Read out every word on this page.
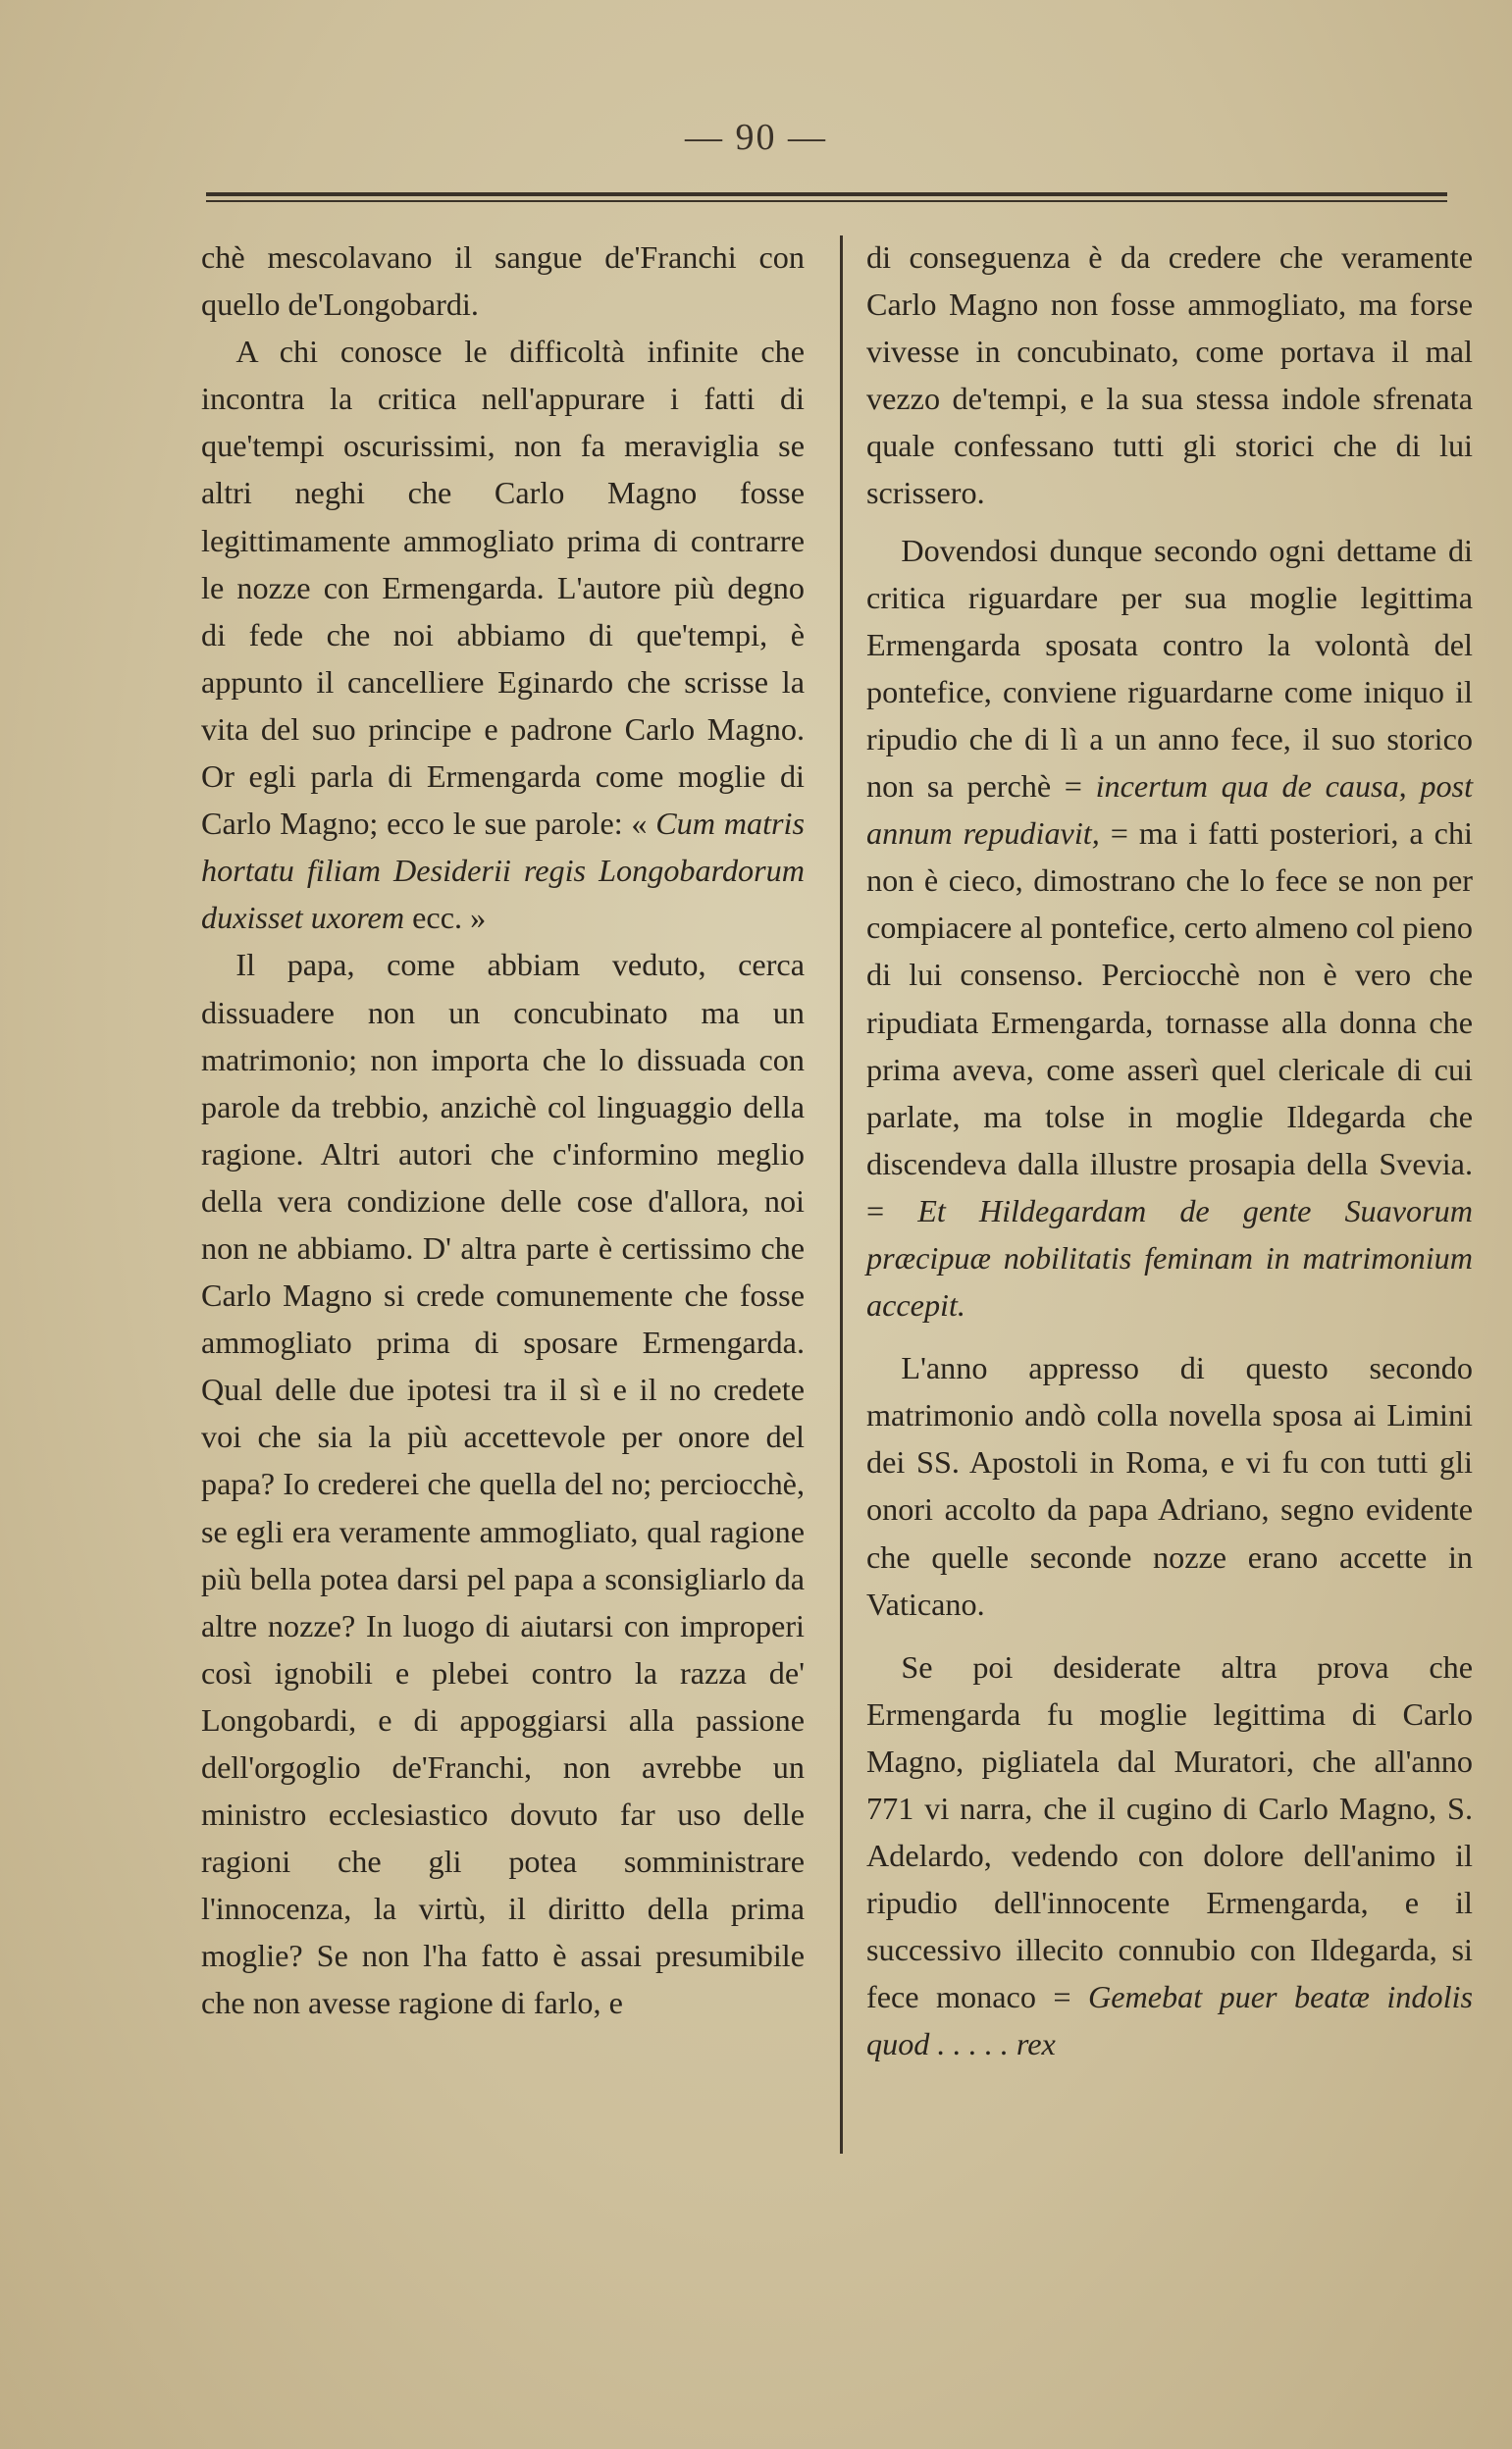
— 90 —

chè mescolavano il sangue de'Franchi con quello de'Longobardi.

A chi conosce le difficoltà infinite che incontra la critica nell'appurare i fatti di que'tempi oscurissimi, non fa meraviglia se altri neghi che Carlo Magno fosse legittimamente ammogliato prima di contrarre le nozze con Ermengarda. L'autore più degno di fede che noi abbiamo di que'tempi, è appunto il cancelliere Eginardo che scrisse la vita del suo principe e padrone Carlo Magno. Or egli parla di Ermengarda come moglie di Carlo Magno; ecco le sue parole: « Cum matris hortatu filiam Desiderii regis Longobardorum duxisset uxorem ecc. »

Il papa, come abbiam veduto, cerca dissuadere non un concubinato ma un matrimonio; non importa che lo dissuada con parole da trebbio, anzichè col linguaggio della ragione. Altri autori che c'informino meglio della vera condizione delle cose d'allora, noi non ne abbiamo. D' altra parte è certissimo che Carlo Magno si crede comunemente che fosse ammogliato prima di sposare Ermengarda. Qual delle due ipotesi tra il sì e il no credete voi che sia la più accettevole per onore del papa? Io crederei che quella del no; perciocchè, se egli era veramente ammogliato, qual ragione più bella potea darsi pel papa a sconsigliarlo da altre nozze? In luogo di aiutarsi con improperi così ignobili e plebei contro la razza de' Longobardi, e di appoggiarsi alla passione dell'orgoglio de'Franchi, non avrebbe un ministro ecclesiastico dovuto far uso delle ragioni che gli potea somministrare l'innocenza, la virtù, il diritto della prima moglie? Se non l'ha fatto è assai presumibile che non avesse ragione di farlo, e

di conseguenza è da credere che veramente Carlo Magno non fosse ammogliato, ma forse vivesse in concubinato, come portava il mal vezzo de'tempi, e la sua stessa indole sfrenata quale confessano tutti gli storici che di lui scrissero.

Dovendosi dunque secondo ogni dettame di critica riguardare per sua moglie legittima Ermengarda sposata contro la volontà del pontefice, conviene riguardarne come iniquo il ripudio che di lì a un anno fece, il suo storico non sa perchè = incertum qua de causa, post annum repudiavit, = ma i fatti posteriori, a chi non è cieco, dimostrano che lo fece se non per compiacere al pontefice, certo almeno col pieno di lui consenso. Perciocchè non è vero che ripudiata Ermengarda, tornasse alla donna che prima aveva, come asserì quel clericale di cui parlate, ma tolse in moglie Ildegarda che discendeva dalla illustre prosapia della Svevia. = Et Hildegardam de gente Suavorum præcipuæ nobilitatis feminam in matrimonium accepit.

L'anno appresso di questo secondo matrimonio andò colla novella sposa ai Limini dei SS. Apostoli in Roma, e vi fu con tutti gli onori accolto da papa Adriano, segno evidente che quelle seconde nozze erano accette in Vaticano.

Se poi desiderate altra prova che Ermengarda fu moglie legittima di Carlo Magno, pigliatela dal Muratori, che all'anno 771 vi narra, che il cugino di Carlo Magno, S. Adelardo, vedendo con dolore dell'animo il ripudio dell'innocente Ermengarda, e il successivo illecito connubio con Ildegarda, si fece monaco = Gemebat puer beatæ indolis quod . . . . . rex
